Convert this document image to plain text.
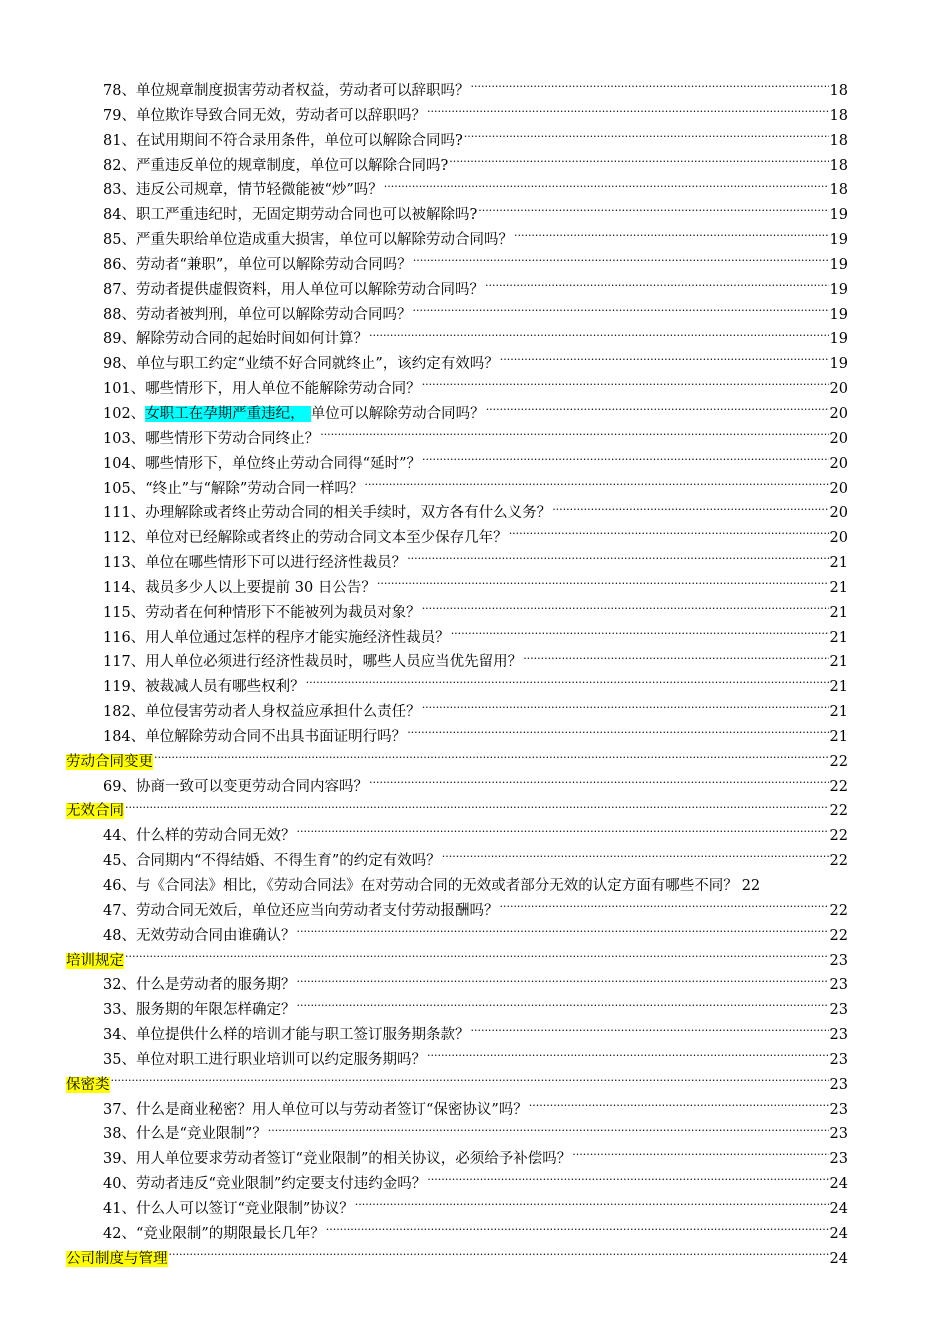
78、单位规章制度损害劳动者权益，劳动者可以辞职吗？ .....	18
79、单位欺诈导致合同无效，劳动者可以辞职吗？ .....	18
81、在试用期间不符合录用条件，单位可以解除合同吗? .....	18
82、严重违反单位的规章制度，单位可以解除合同吗? .....	18
83、违反公司规章，情节轻微能被“炒”吗？ .....	18
84、职工严重违纪时，无固定期劳动合同也可以被解除吗? .....	19
85、严重失职给单位造成重大损害，单位可以解除劳动合同吗？ .....	19
86、劳动者“兼职”，单位可以解除劳动合同吗？ .....	19
87、劳动者提供虚假资料，用人单位可以解除劳动合同吗？ .....	19
88、劳动者被判刑，单位可以解除劳动合同吗？ .....	19
89、解除劳动合同的起始时间如何计算？ .....	19
98、单位与职工约定“业绩不好合同就终止”，该约定有效吗？ .....	19
101、哪些情形下，用人单位不能解除劳动合同？ .....	20
102、女职工在孕期严重违纪， 单位可以解除劳动合同吗？ .....	20
103、哪些情形下劳动合同终止？ .....	20
104、哪些情形下，单位终止劳动合同得“延时”？ .....	20
105、“终止”与“解除”劳动合同一样吗？ .....	20
111、办理解除或者终止劳动合同的相关手续时，双方各有什么义务？ .....	20
112、单位对已经解除或者终止的劳动合同文本至少保存几年？ .....	20
113、单位在哪些情形下可以进行经济性裁员？ .....	21
114、裁员多少人以上要提前 30 日公告？ .....	21
115、劳动者在何种情形下不能被列为裁员对象？ .....	21
116、用人单位通过怎样的程序才能实施经济性裁员？ .....	21
117、用人单位必须进行经济性裁员时，哪些人员应当优先留用？ .....	21
119、被裁减人员有哪些权利？ .....	21
182、单位侵害劳动者人身权益应承担什么责任？ .....	21
184、单位解除劳动合同不出具书面证明行吗？ .....	21
劳动合同变更 .....	22
69、协商一致可以变更劳动合同内容吗？ .....	22
无效合同 .....	22
44、什么样的劳动合同无效？ .....	22
45、合同期内“不得结婚、不得生育”的约定有效吗？ .....	22
46、与《合同法》相比，《劳动合同法》在对劳动合同的无效或者部分无效的认定方面有哪些不同？ 22
47、劳动合同无效后，单位还应当向劳动者支付劳动报酬吗？ .....	22
48、无效劳动合同由谁确认？ .....	22
培训规定 .....	23
32、什么是劳动者的服务期？ .....	23
33、服务期的年限怎样确定？ .....	23
34、单位提供什么样的培训才能与职工签订服务期条款？ .....	23
35、单位对职工进行职业培训可以约定服务期吗？ .....	23
保密类 .....	23
37、什么是商业秘密？用人单位可以与劳动者签订“保密协议”吗？ .....	23
38、什么是“竞业限制”？ .....	23
39、用人单位要求劳动者签订“竞业限制”的相关协议，必须给予补偿吗？ .....	23
40、劳动者违反“竞业限制”约定要支付违约金吗？ .....	24
41、什么人可以签订“竞业限制”协议？ .....	24
42、“竞业限制”的期限最长几年？ .....	24
公司制度与管理 .....	24
